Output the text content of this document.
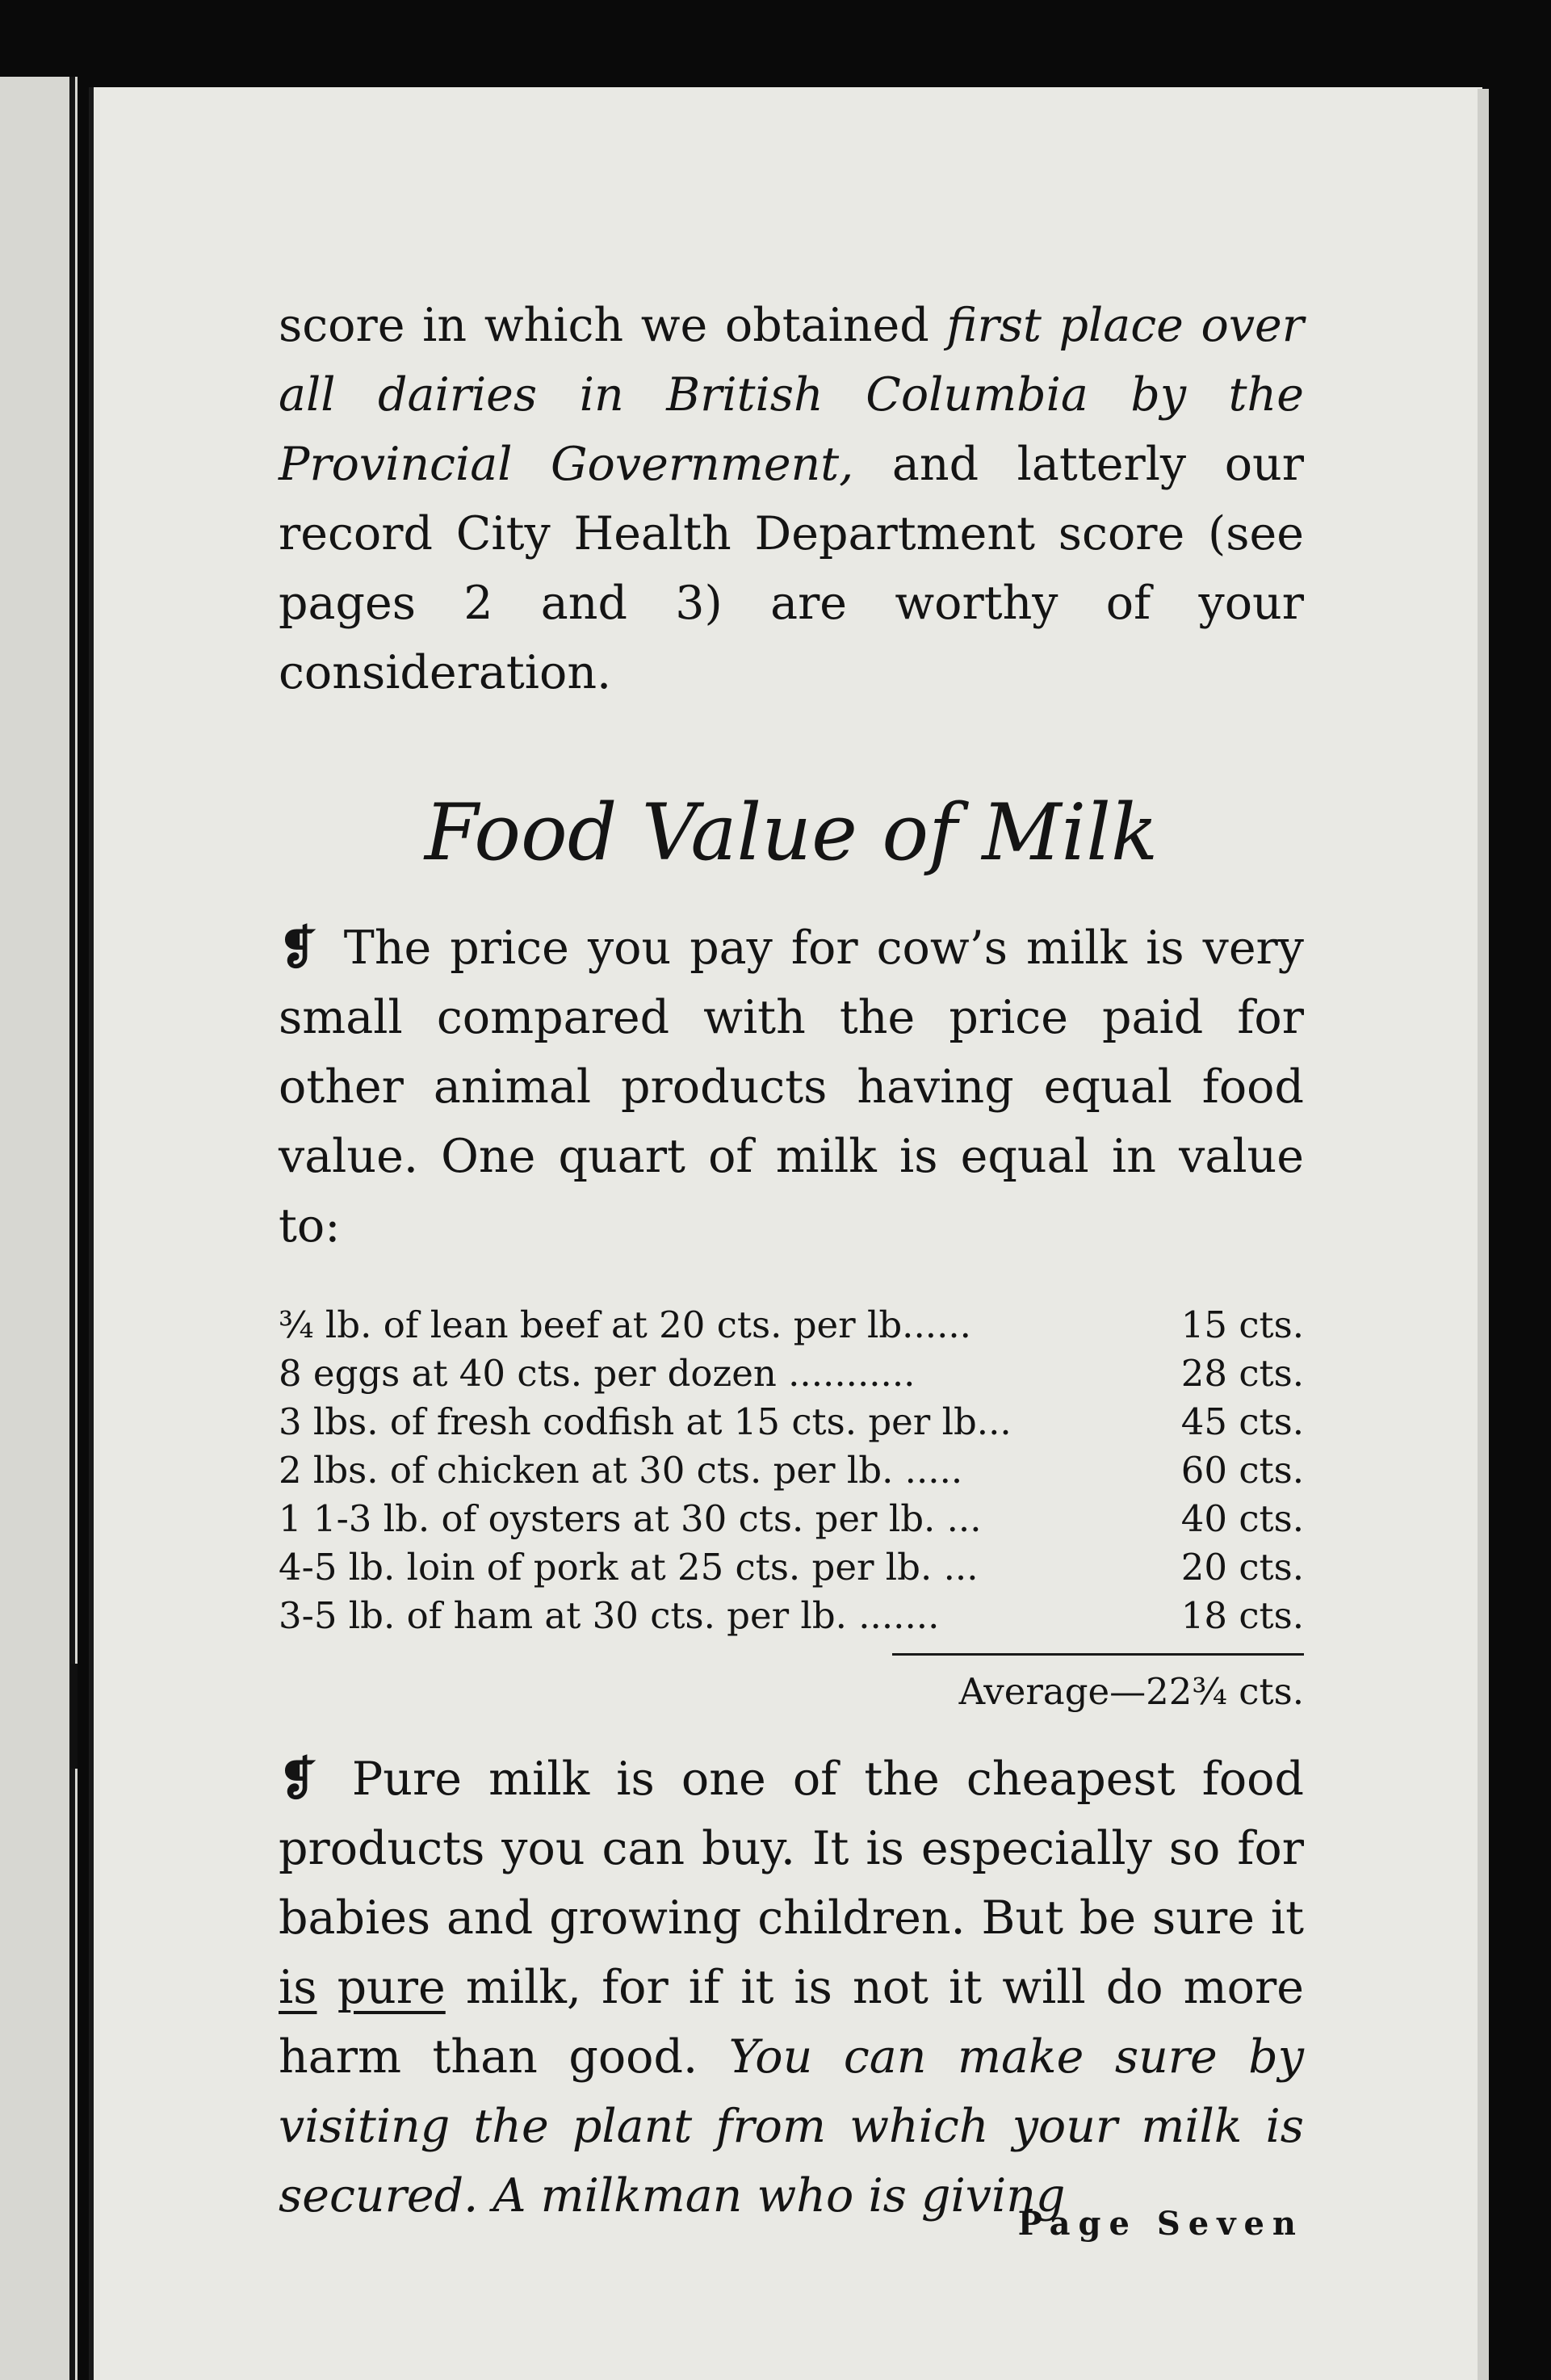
score in which we obtained first place over all dairies in British Columbia by the Provincial Government, and latterly our record City Health Department score (see pages 2 and 3) are worthy of your consideration.

Food Value of Milk

❡ The price you pay for cow’s milk is very small compared with the price paid for other animal products having equal food value. One quart of milk is equal in value to:

¾ lb. of lean beef at 20 cts. per lb......	15 cts.
8 eggs at 40 cts. per dozen ...........	28 cts.
3 lbs. of fresh codfish at 15 cts. per lb...	45 cts.
2 lbs. of chicken at 30 cts. per lb. .....	60 cts.
1 1-3 lb. of oysters at 30 cts. per lb. ...	40 cts.
4-5 lb. loin of pork at 25 cts. per lb. ...	20 cts.
3-5 lb. of ham at 30 cts. per lb. .......	18 cts.
Average—22¾ cts.

❡ Pure milk is one of the cheapest food products you can buy. It is especially so for babies and growing children. But be sure it is pure milk, for if it is not it will do more harm than good. You can make sure by visiting the plant from which your milk is secured. A milkman who is giving

Page Seven
